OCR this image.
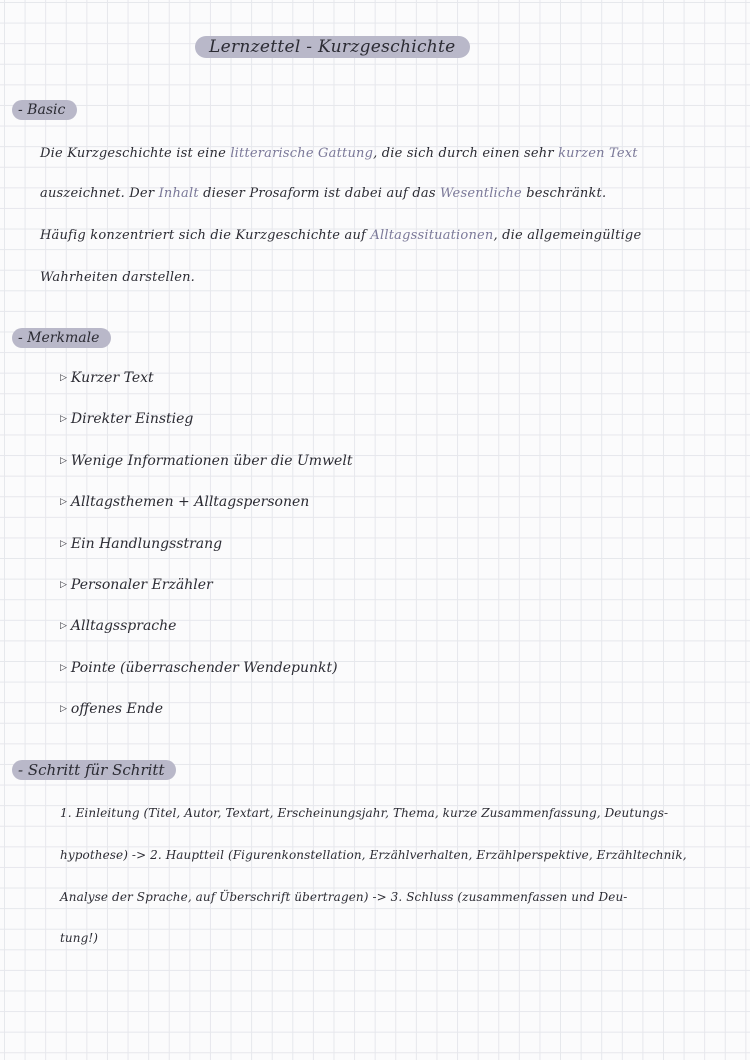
Lernzettel - Kurzgeschichte
- Basic
Die Kurzgeschichte ist eine litterarische Gattung, die sich durch einen sehr kurzen Text
auszeichnet. Der Inhalt dieser Prosaform ist dabei auf das Wesentliche beschränkt.
Häufig konzentriert sich die Kurzgeschichte auf Alltagssituationen, die allgemeingültige
Wahrheiten darstellen.
- Merkmale
▷ Kurzer Text
▷ Direkter Einstieg
▷ Wenige Informationen über die Umwelt
▷ Alltagsthemen + Alltagspersonen
▷ Ein Handlungsstrang
▷ Personaler Erzähler
▷ Alltagssprache
▷ Pointe (überraschender Wendepunkt)
▷ offenes Ende
- Schritt für Schritt
1. Einleitung (Titel, Autor, Textart, Erscheinungsjahr, Thema, kurze Zusammenfassung, Deutungs-
hypothese) -> 2. Hauptteil (Figurenkonstellation, Erzählverhalten, Erzählperspektive, Erzähltechnik,
Analyse der Sprache, auf Überschrift übertragen) -> 3. Schluss (zusammenfassen und Deu-
tung!)
